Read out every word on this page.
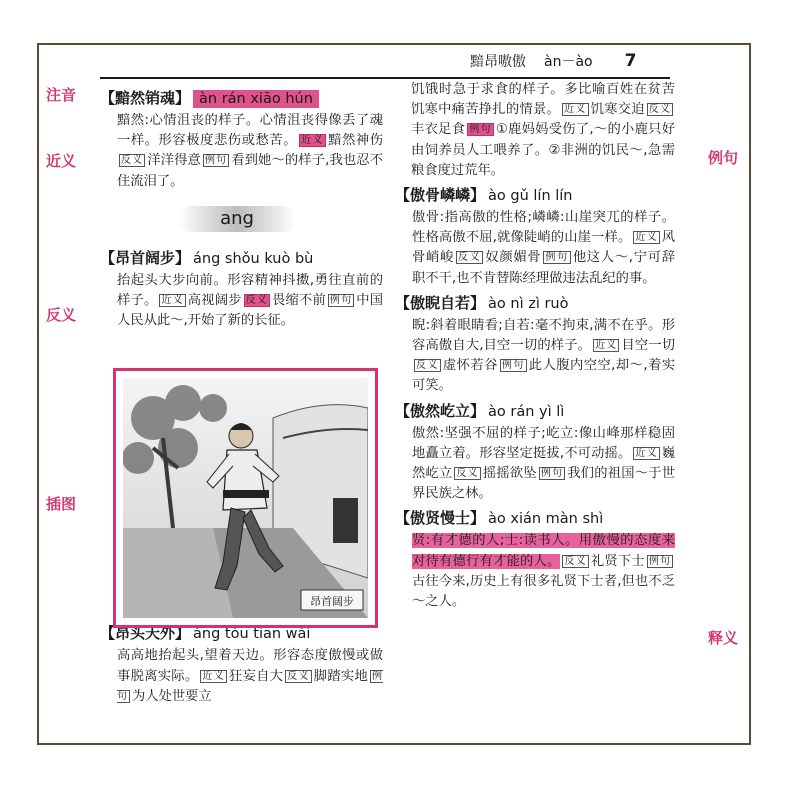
黯昂嗷傲 àn－ào 7
注音
近义
反义
插图
例句
释义
【黯然销魂】 àn rán xiāo hún
黯然:心情沮丧的样子。心情沮丧得像丢了魂一样。形容极度悲伤或愁苦。 近义 黯然神伤反义 洋洋得意 例句 看到她～的样子,我也忍不住流泪了。
ang
【昂首阔步】 áng shǒu kuò bù
抬起头大步向前。形容精神抖擞,勇往直前的样子。 近义 高视阔步 反义 畏缩不前 例句 中国人民从此～,开始了新的长征。
【昂头天外】 áng tóu tiān wài
高高地抬起头,望着天边。形容态度傲慢或做事脱离实际。 近义 狂妄自大 反义 脚踏实地 例句 为人处世要立
昂首阔步
饥饿时急于求食的样子。多比喻百姓在贫苦饥寒中痛苦挣扎的情景。 近义 饥寒交迫 反义丰衣足食 例句 ①鹿妈妈受伤了,～的小鹿只好由饲养员人工喂养了。②非洲的饥民～,急需粮食度过荒年。
【傲骨嶙嶙】 ào gǔ lín lín
傲骨:指高傲的性格;嶙嶙:山崖突兀的样子。性格高傲不屈,就像陡峭的山崖一样。 近义 风骨峭峻 反义 奴颜媚骨 例句 他这人～,宁可辞职不干,也不肯替陈经理做违法乱纪的事。
【傲睨自若】 ào nì zì ruò
睨:斜着眼睛看;自若:毫不拘束,满不在乎。形容高傲自大,目空一切的样子。 近义 目空一切反义 虚怀若谷 例句 此人腹内空空,却～,着实可笑。
【傲然屹立】 ào rán yì lì
傲然:坚强不屈的样子;屹立:像山峰那样稳固地矗立着。形容坚定挺拔,不可动摇。 近义 巍然屹立 反义 摇摇欲坠 例句 我们的祖国～于世界民族之林。
【傲贤慢士】 ào xián màn shì
贤:有才德的人;士:读书人。用傲慢的态度来对待有德行有才能的人。 反义 礼贤下士 例句古往今来,历史上有很多礼贤下士者,但也不乏～之人。
